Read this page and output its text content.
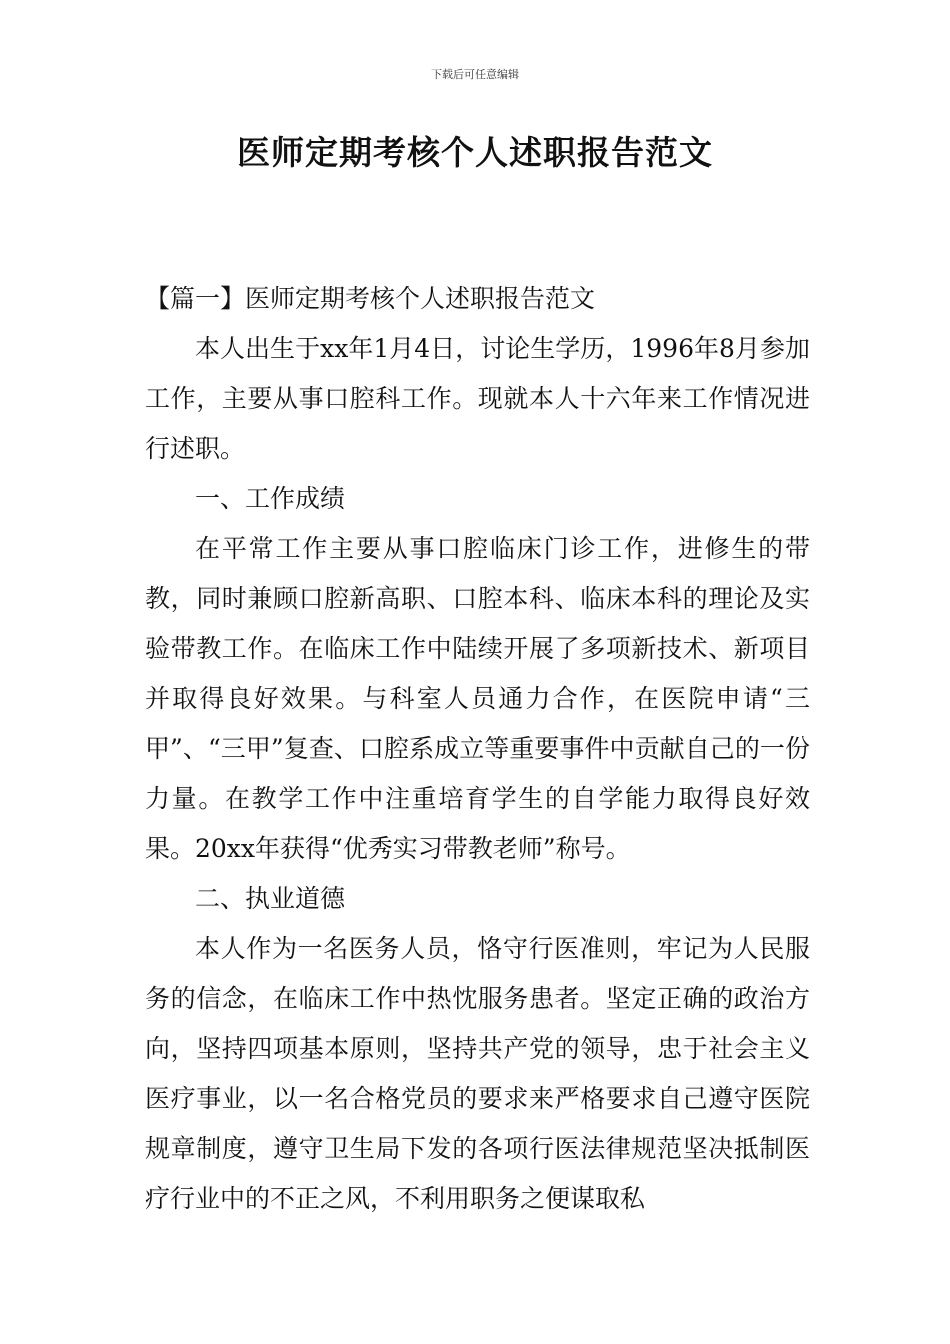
下载后可任意编辑
医师定期考核个人述职报告范文

【篇一】医师定期考核个人述职报告范文

本人出生于xx年1月4日，讨论生学历，1996年8月参加工作，主要从事口腔科工作。现就本人十六年来工作情况进行述职。

一、工作成绩

在平常工作主要从事口腔临床门诊工作，进修生的带教，同时兼顾口腔新高职、口腔本科、临床本科的理论及实验带教工作。在临床工作中陆续开展了多项新技术、新项目并取得良好效果。与科室人员通力合作，在医院申请“三甲”、“三甲”复查、口腔系成立等重要事件中贡献自己的一份力量。在教学工作中注重培育学生的自学能力取得良好效果。20xx年获得“优秀实习带教老师”称号。

二、执业道德

本人作为一名医务人员，恪守行医准则，牢记为人民服务的信念，在临床工作中热忱服务患者。坚定正确的政治方向，坚持四项基本原则，坚持共产党的领导，忠于社会主义医疗事业，以一名合格党员的要求来严格要求自己遵守医院规章制度，遵守卫生局下发的各项行医法律规范坚决抵制医疗行业中的不正之风，不利用职务之便谋取私
